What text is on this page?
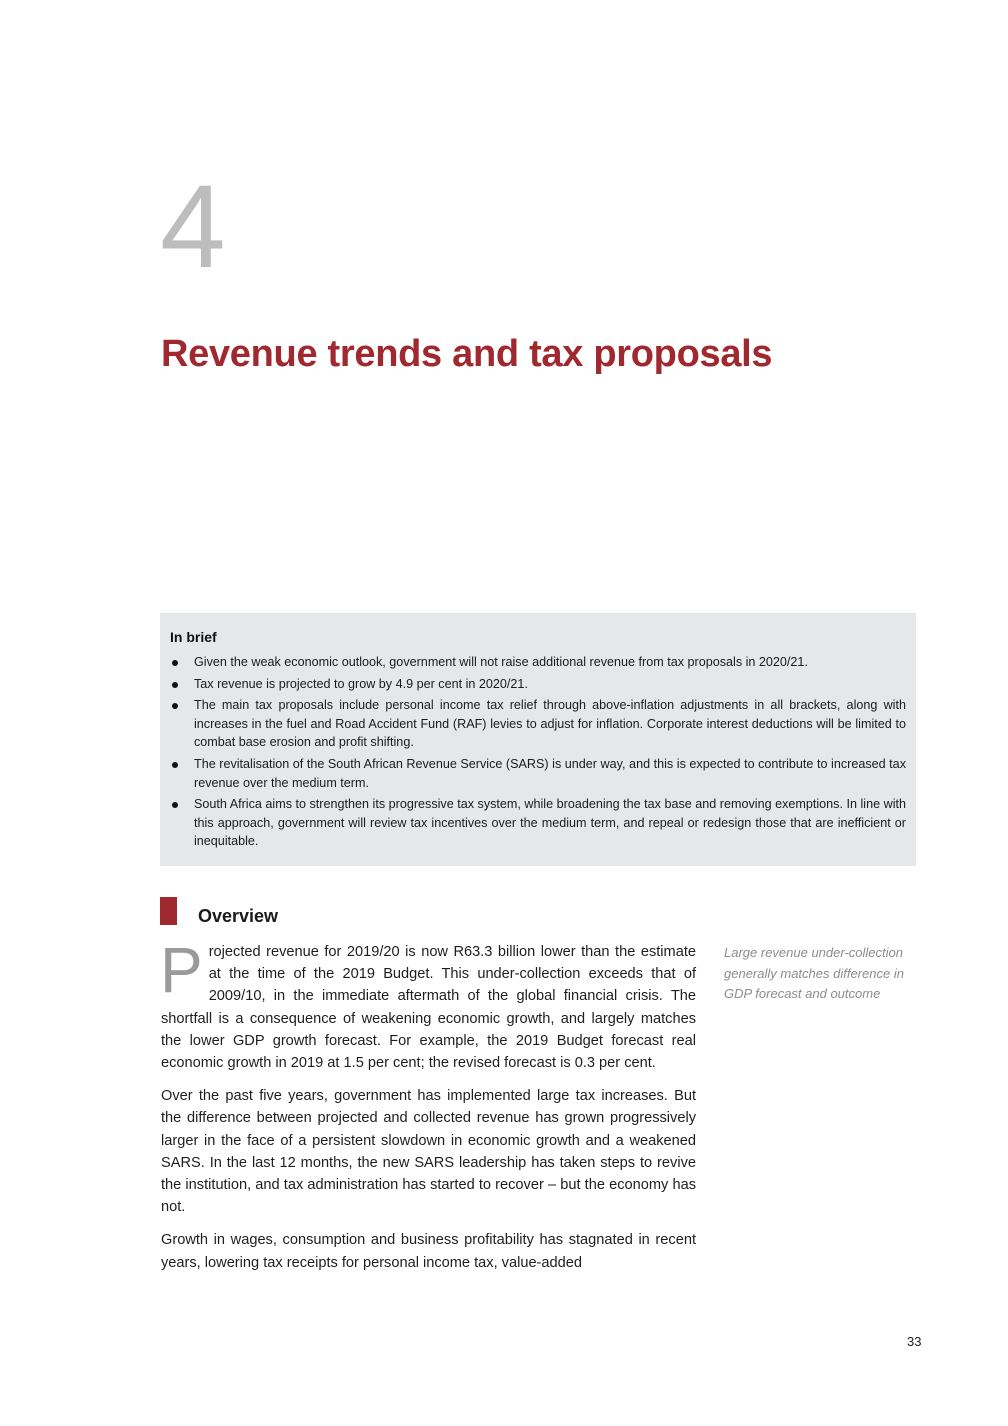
4
Revenue trends and tax proposals
In brief
Given the weak economic outlook, government will not raise additional revenue from tax proposals in 2020/21.
Tax revenue is projected to grow by 4.9 per cent in 2020/21.
The main tax proposals include personal income tax relief through above-inflation adjustments in all brackets, along with increases in the fuel and Road Accident Fund (RAF) levies to adjust for inflation. Corporate interest deductions will be limited to combat base erosion and profit shifting.
The revitalisation of the South African Revenue Service (SARS) is under way, and this is expected to contribute to increased tax revenue over the medium term.
South Africa aims to strengthen its progressive tax system, while broadening the tax base and removing exemptions. In line with this approach, government will review tax incentives over the medium term, and repeal or redesign those that are inefficient or inequitable.
Overview

Projected revenue for 2019/20 is now R63.3 billion lower than the estimate at the time of the 2019 Budget. This under-collection exceeds that of 2009/10, in the immediate aftermath of the global financial crisis. The shortfall is a consequence of weakening economic growth, and largely matches the lower GDP growth forecast. For example, the 2019 Budget forecast real economic growth in 2019 at 1.5 per cent; the revised forecast is 0.3 per cent.

Over the past five years, government has implemented large tax increases. But the difference between projected and collected revenue has grown progressively larger in the face of a persistent slowdown in economic growth and a weakened SARS. In the last 12 months, the new SARS leadership has taken steps to revive the institution, and tax administration has started to recover – but the economy has not.

Growth in wages, consumption and business profitability has stagnated in recent years, lowering tax receipts for personal income tax, value-added

Large revenue under-collection generally matches difference in GDP forecast and outcome

33
